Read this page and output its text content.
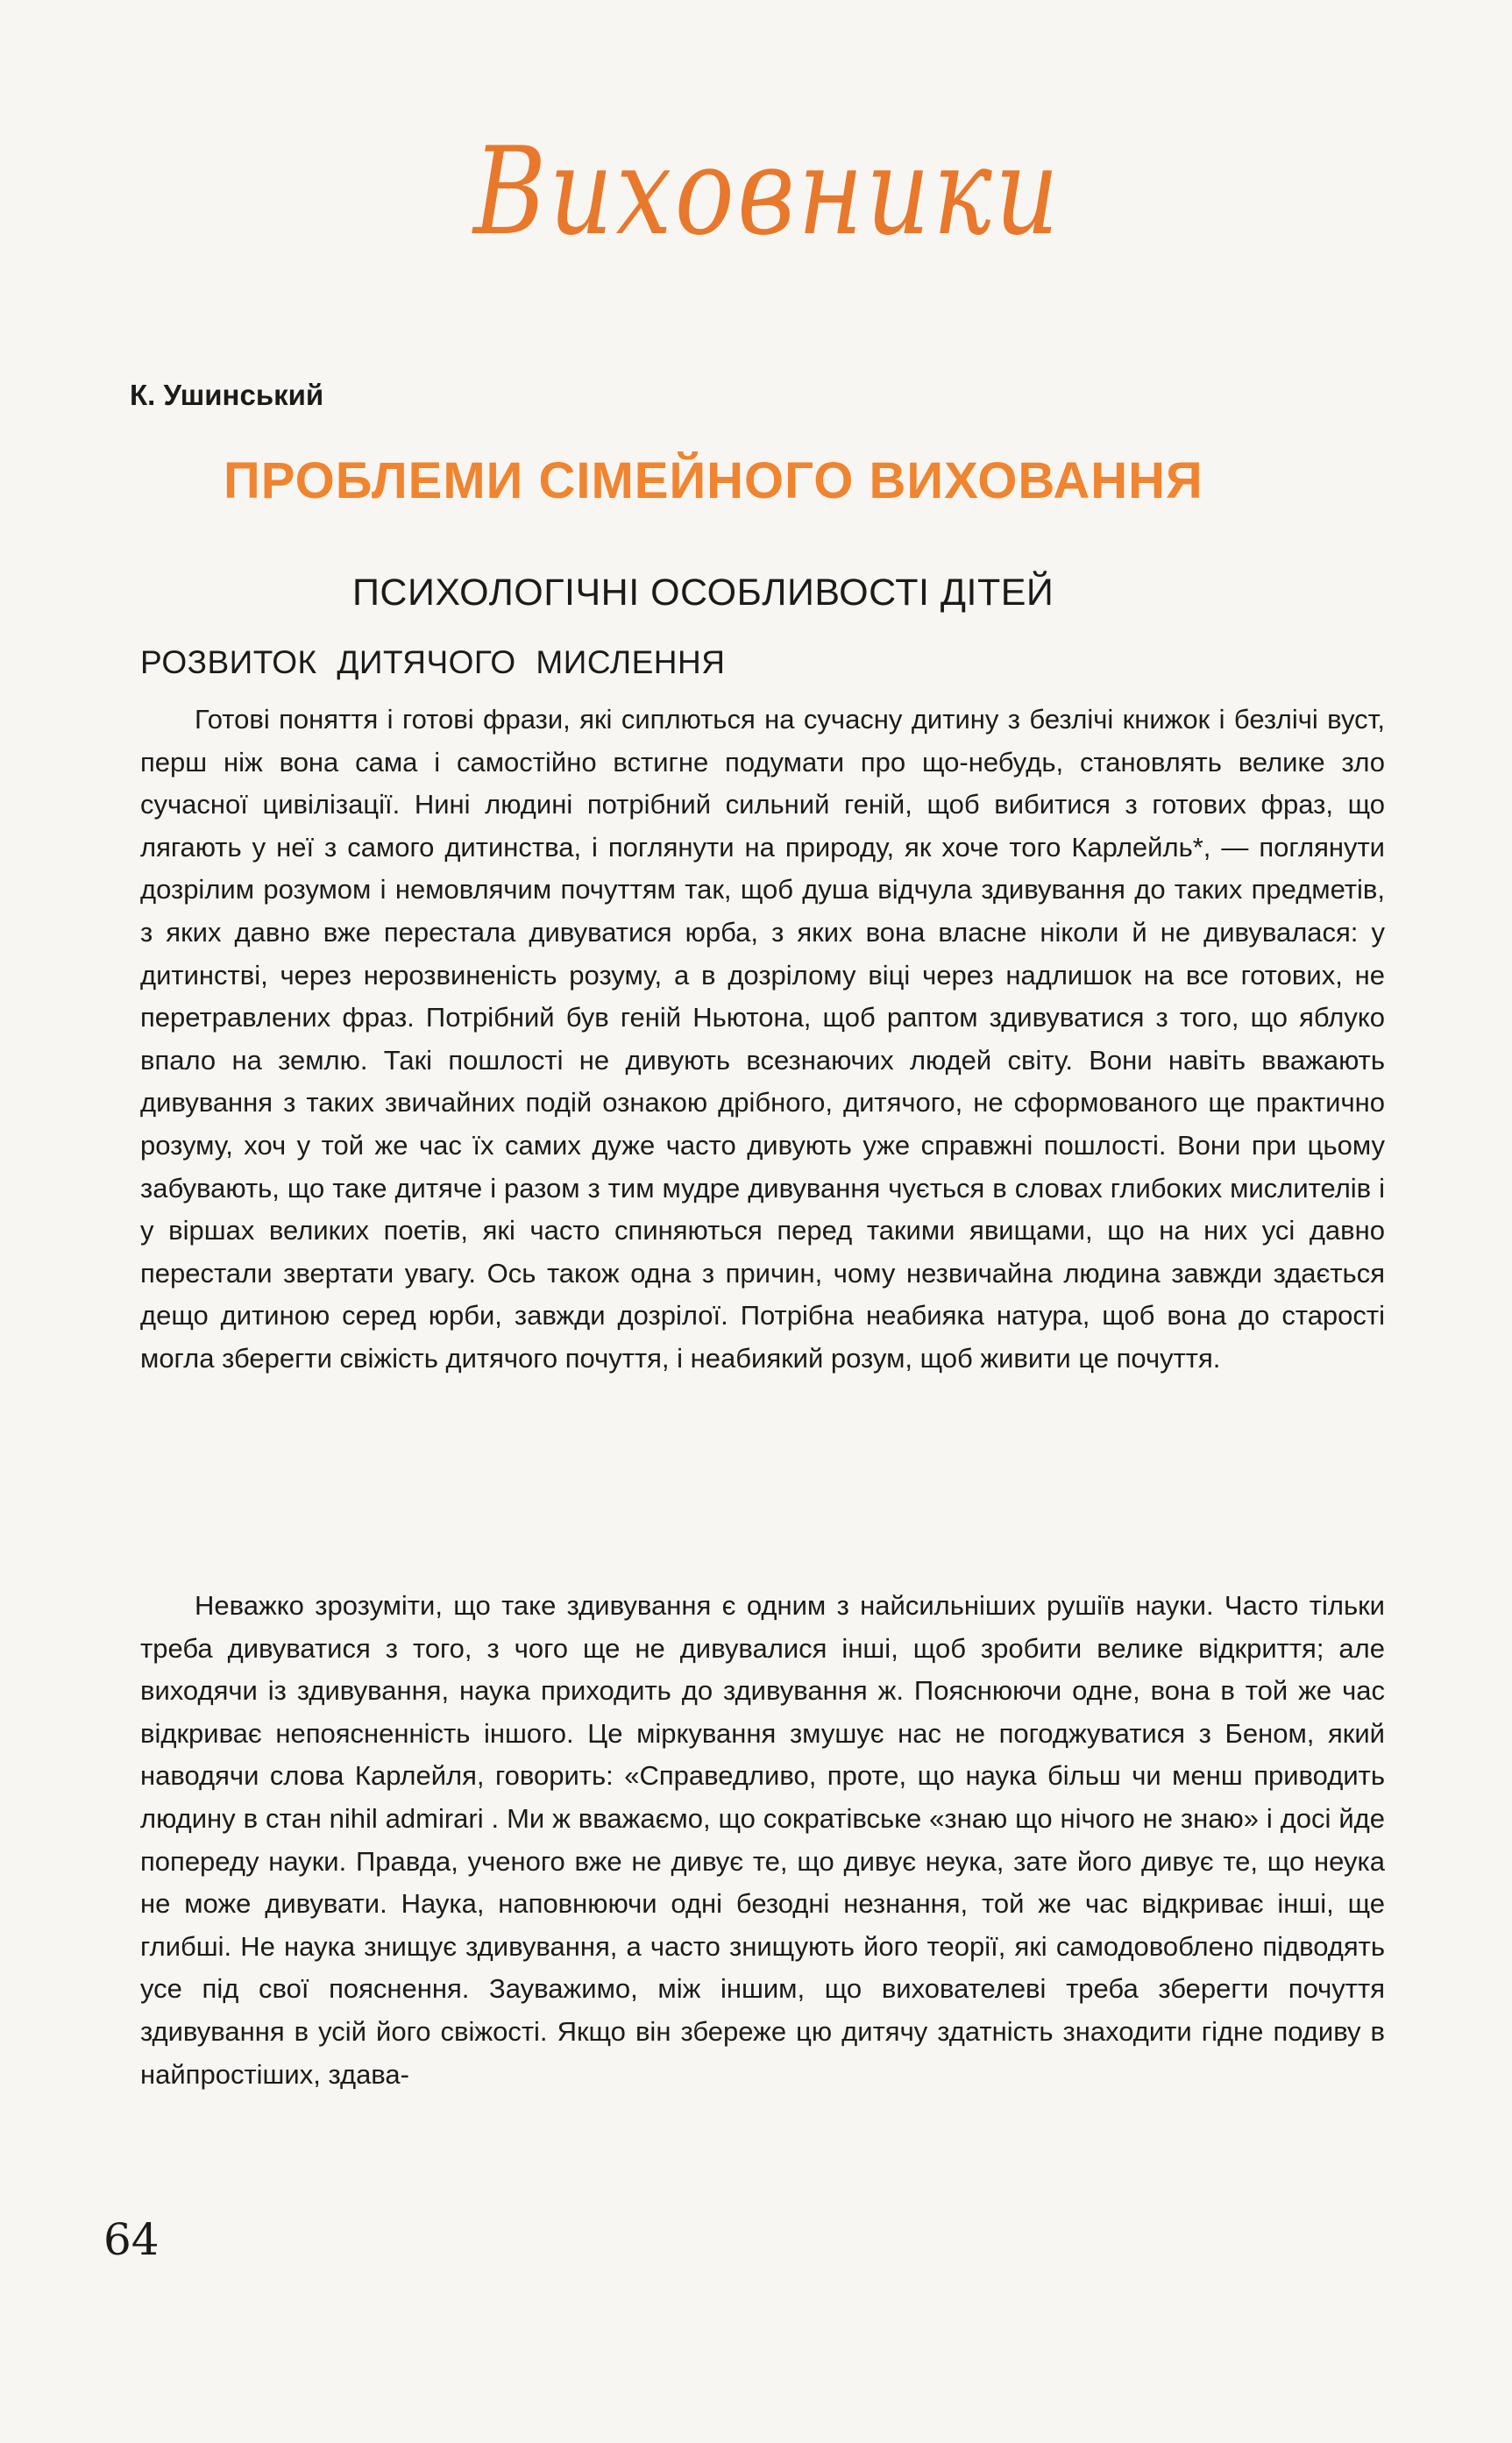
Виховники
К. Ушинський
ПРОБЛЕМИ СІМЕЙНОГО ВИХОВАННЯ
ПСИХОЛОГІЧНІ ОСОБЛИВОСТІ ДІТЕЙ
РОЗВИТОК ДИТЯЧОГО МИСЛЕННЯ

Готові поняття і готові фрази, які сиплються на сучасну дитину з безлічі книжок і безлічі вуст, перш ніж вона сама і самостійно встигне подумати про що-небудь, становлять велике зло сучасної цивілізації. Нині людині потрібний сильний геній, щоб вибитися з готових фраз, що лягають у неї з самого дитинства, і поглянути на природу, як хоче того Карлейль*, — поглянути дозрілим розумом і немовлячим почуттям так, щоб душа відчула здивування до таких предметів, з яких давно вже перестала дивуватися юрба, з яких вона власне ніколи й не дивувалася: у дитинстві, через нерозвиненість розуму, а в дозрілому віці через надлишок на все готових, не перетравлених фраз. Потрібний був геній Ньютона, щоб раптом здивуватися з того, що яблуко впало на землю. Такі пошлості не дивують всезнаючих людей світу. Вони навіть вважають дивування з таких звичайних подій ознакою дрібного, дитячого, не сформованого ще практично розуму, хоч у той же час їх самих дуже часто дивують уже справжні пошлості. Вони при цьому забувають, що таке дитяче і разом з тим мудре дивування чується в словах глибоких мислителів і у віршах великих поетів, які часто спиняються перед такими явищами, що на них усі давно перестали звертати увагу. Ось також одна з причин, чому незвичайна людина завжди здається дещо дитиною серед юрби, завжди дозрілої. Потрібна неабияка натура, щоб вона до старості могла зберегти свіжість дитячого почуття, і неабиякий розум, щоб живити це почуття.

Неважко зрозуміти, що таке здивування є одним з найсильніших рушіїв науки. Часто тільки треба дивуватися з того, з чого ще не дивувалися інші, щоб зробити велике відкриття; але виходячи із здивування, наука приходить до здивування ж. Пояснюючи одне, вона в той же час відкриває непоясненність іншого. Це міркування змушує нас не погоджуватися з Беном, який наводячи слова Карлейля, говорить: «Справедливо, проте, що наука більш чи менш приводить людину в стан nihil admirari . Ми ж вважаємо, що сократівське «знаю що нічого не знаю» і досі йде попереду науки. Правда, ученого вже не дивує те, що дивує неука, зате його дивує те, що неука не може дивувати. Наука, наповнюючи одні безодні незнання, той же час відкриває інші, ще глибші. Не наука знищує здивування, а часто знищують його теорії, які самодовоблено підводять усе під свої пояснення. Зауважимо, між іншим, що вихователеві треба зберегти почуття здивування в усій його свіжості. Якщо він збереже цю дитячу здатність знаходити гідне подиву в найпростіших, здава-

64
